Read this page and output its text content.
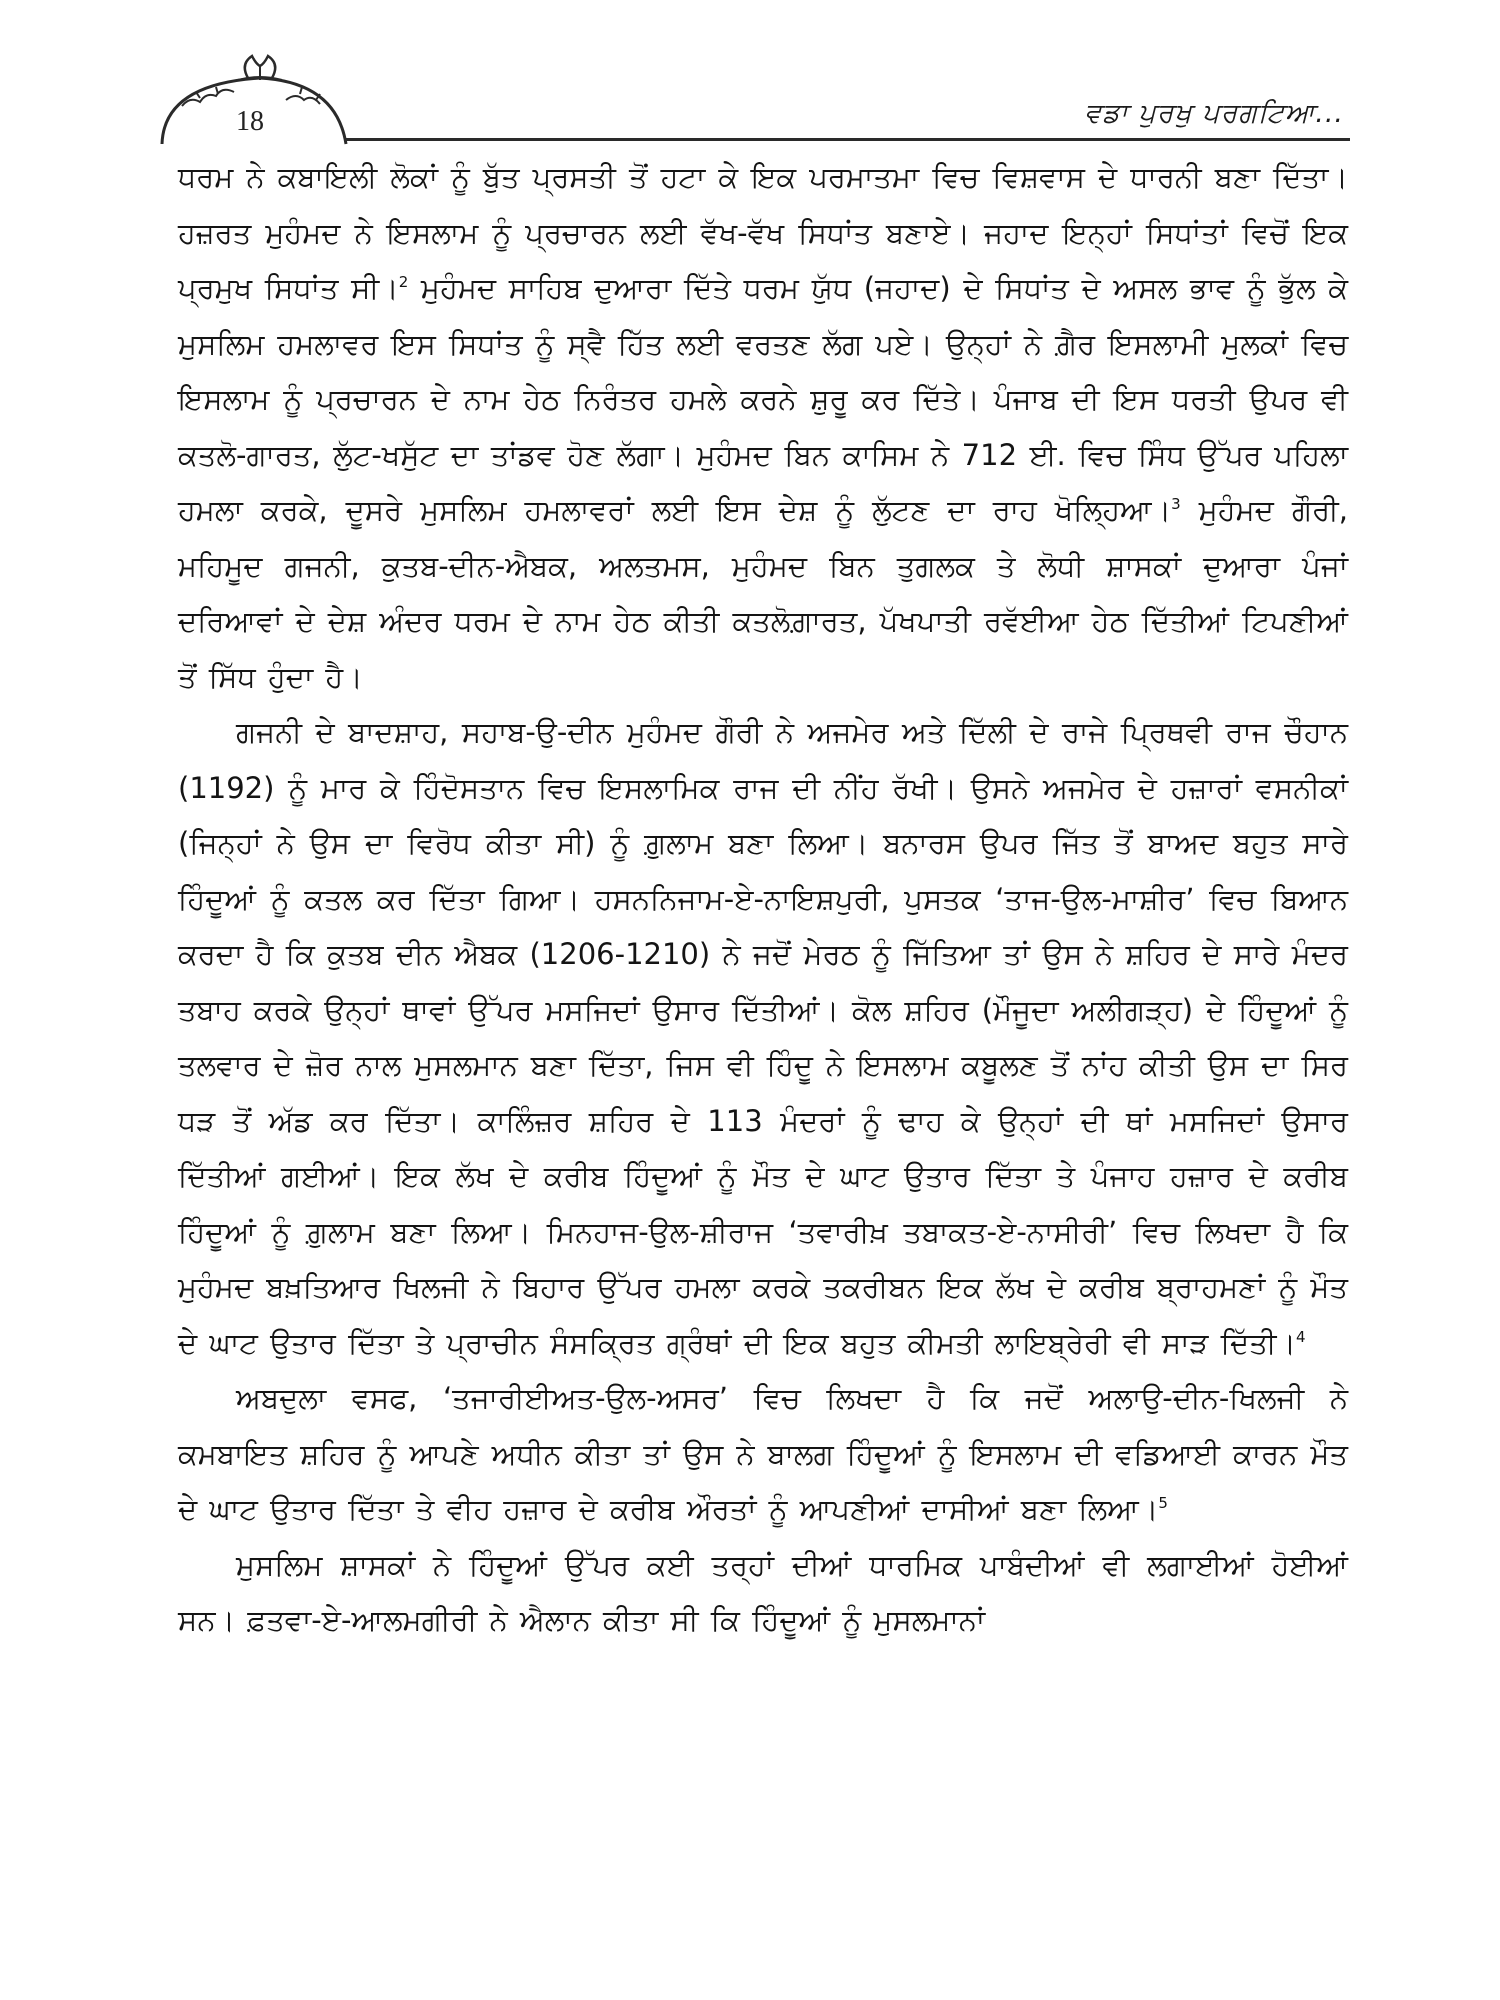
18	ਵਡਾ ਪੁਰਖੁ ਪਰਗਟਿਆ...

ਧਰਮ ਨੇ ਕਬਾਇਲੀ ਲੋਕਾਂ ਨੂੰ ਬੁੱਤ ਪ੍ਰਸਤੀ ਤੋਂ ਹਟਾ ਕੇ ਇਕ ਪਰਮਾਤਮਾ ਵਿਚ ਵਿਸ਼ਵਾਸ ਦੇ ਧਾਰਨੀ ਬਣਾ ਦਿੱਤਾ। ਹਜ਼ਰਤ ਮੁਹੰਮਦ ਨੇ ਇਸਲਾਮ ਨੂੰ ਪ੍ਰਚਾਰਨ ਲਈ ਵੱਖ-ਵੱਖ ਸਿਧਾਂਤ ਬਣਾਏ। ਜਹਾਦ ਇਨ੍ਹਾਂ ਸਿਧਾਂਤਾਂ ਵਿਚੋਂ ਇਕ ਪ੍ਰਮੁਖ ਸਿਧਾਂਤ ਸੀ।$^2$ ਮੁਹੰਮਦ ਸਾਹਿਬ ਦੁਆਰਾ ਦਿੱਤੇ ਧਰਮ ਯੁੱਧ (ਜਹਾਦ) ਦੇ ਸਿਧਾਂਤ ਦੇ ਅਸਲ ਭਾਵ ਨੂੰ ਭੁੱਲ ਕੇ ਮੁਸਲਿਮ ਹਮਲਾਵਰ ਇਸ ਸਿਧਾਂਤ ਨੂੰ ਸ੍ਵੈ ਹਿੱਤ ਲਈ ਵਰਤਣ ਲੱਗ ਪਏ। ਉਨ੍ਹਾਂ ਨੇ ਗ਼ੈਰ ਇਸਲਾਮੀ ਮੁਲਕਾਂ ਵਿਚ ਇਸਲਾਮ ਨੂੰ ਪ੍ਰਚਾਰਨ ਦੇ ਨਾਮ ਹੇਠ ਨਿਰੰਤਰ ਹਮਲੇ ਕਰਨੇ ਸ਼ੁਰੂ ਕਰ ਦਿੱਤੇ। ਪੰਜਾਬ ਦੀ ਇਸ ਧਰਤੀ ਉਪਰ ਵੀ ਕਤਲੋ-ਗਾਰਤ, ਲੁੱਟ-ਖਸੁੱਟ ਦਾ ਤਾਂਡਵ ਹੋਣ ਲੱਗਾ। ਮੁਹੰਮਦ ਬਿਨ ਕਾਸਿਮ ਨੇ 712 ਈ. ਵਿਚ ਸਿੰਧ ਉੱਪਰ ਪਹਿਲਾ ਹਮਲਾ ਕਰਕੇ, ਦੂਸਰੇ ਮੁਸਲਿਮ ਹਮਲਾਵਰਾਂ ਲਈ ਇਸ ਦੇਸ਼ ਨੂੰ ਲੁੱਟਣ ਦਾ ਰਾਹ ਖੋਲ੍ਹਿਆ।$^3$ ਮੁਹੰਮਦ ਗੌਰੀ, ਮਹਿਮੂਦ ਗਜਨੀ, ਕੁਤਬ-ਦੀਨ-ਐਬਕ, ਅਲਤਮਸ, ਮੁਹੰਮਦ ਬਿਨ ਤੁਗਲਕ ਤੇ ਲੋਧੀ ਸ਼ਾਸਕਾਂ ਦੁਆਰਾ ਪੰਜਾਂ ਦਰਿਆਵਾਂ ਦੇ ਦੇਸ਼ ਅੰਦਰ ਧਰਮ ਦੇ ਨਾਮ ਹੇਠ ਕੀਤੀ ਕਤਲੋਗ਼ਾਰਤ, ਪੱਖਪਾਤੀ ਰਵੱਈਆ ਹੇਠ ਦਿੱਤੀਆਂ ਟਿਪਣੀਆਂ ਤੋਂ ਸਿੱਧ ਹੁੰਦਾ ਹੈ।

ਗਜਨੀ ਦੇ ਬਾਦਸ਼ਾਹ, ਸਹਾਬ-ਉ-ਦੀਨ ਮੁਹੰਮਦ ਗੌਰੀ ਨੇ ਅਜਮੇਰ ਅਤੇ ਦਿੱਲੀ ਦੇ ਰਾਜੇ ਪ੍ਰਿਥਵੀ ਰਾਜ ਚੌਹਾਨ (1192) ਨੂੰ ਮਾਰ ਕੇ ਹਿੰਦੋਸਤਾਨ ਵਿਚ ਇਸਲਾਮਿਕ ਰਾਜ ਦੀ ਨੀਂਹ ਰੱਖੀ। ਉਸਨੇ ਅਜਮੇਰ ਦੇ ਹਜ਼ਾਰਾਂ ਵਸਨੀਕਾਂ (ਜਿਨ੍ਹਾਂ ਨੇ ਉਸ ਦਾ ਵਿਰੋਧ ਕੀਤਾ ਸੀ) ਨੂੰ ਗ਼ੁਲਾਮ ਬਣਾ ਲਿਆ। ਬਨਾਰਸ ਉਪਰ ਜਿੱਤ ਤੋਂ ਬਾਅਦ ਬਹੁਤ ਸਾਰੇ ਹਿੰਦੂਆਂ ਨੂੰ ਕਤਲ ਕਰ ਦਿੱਤਾ ਗਿਆ। ਹਸਨਨਿਜਾਮ-ਏ-ਨਾਇਸ਼ਪੁਰੀ, ਪੁਸਤਕ ‘ਤਾਜ-ਉਲ-ਮਾਸ਼ੀਰ’ ਵਿਚ ਬਿਆਨ ਕਰਦਾ ਹੈ ਕਿ ਕੁਤਬ ਦੀਨ ਐਬਕ (1206-1210) ਨੇ ਜਦੋਂ ਮੇਰਠ ਨੂੰ ਜਿੱਤਿਆ ਤਾਂ ਉਸ ਨੇ ਸ਼ਹਿਰ ਦੇ ਸਾਰੇ ਮੰਦਰ ਤਬਾਹ ਕਰਕੇ ਉਨ੍ਹਾਂ ਥਾਵਾਂ ਉੱਪਰ ਮਸਜਿਦਾਂ ਉਸਾਰ ਦਿੱਤੀਆਂ। ਕੋਲ ਸ਼ਹਿਰ (ਮੌਜੂਦਾ ਅਲੀਗੜ੍ਹ) ਦੇ ਹਿੰਦੂਆਂ ਨੂੰ ਤਲਵਾਰ ਦੇ ਜ਼ੋਰ ਨਾਲ ਮੁਸਲਮਾਨ ਬਣਾ ਦਿੱਤਾ, ਜਿਸ ਵੀ ਹਿੰਦੂ ਨੇ ਇਸਲਾਮ ਕਬੂਲਣ ਤੋਂ ਨਾਂਹ ਕੀਤੀ ਉਸ ਦਾ ਸਿਰ ਧੜ ਤੋਂ ਅੱਡ ਕਰ ਦਿੱਤਾ। ਕਾਲਿੰਜ਼ਰ ਸ਼ਹਿਰ ਦੇ 113 ਮੰਦਰਾਂ ਨੂੰ ਢਾਹ ਕੇ ਉਨ੍ਹਾਂ ਦੀ ਥਾਂ ਮਸਜਿਦਾਂ ਉਸਾਰ ਦਿੱਤੀਆਂ ਗਈਆਂ। ਇਕ ਲੱਖ ਦੇ ਕਰੀਬ ਹਿੰਦੂਆਂ ਨੂੰ ਮੌਤ ਦੇ ਘਾਟ ਉਤਾਰ ਦਿੱਤਾ ਤੇ ਪੰਜਾਹ ਹਜ਼ਾਰ ਦੇ ਕਰੀਬ ਹਿੰਦੂਆਂ ਨੂੰ ਗ਼ੁਲਾਮ ਬਣਾ ਲਿਆ। ਮਿਨਹਾਜ-ਉਲ-ਸ਼ੀਰਾਜ ‘ਤਵਾਰੀਖ਼ ਤਬਾਕਤ-ਏ-ਨਾਸੀਰੀ’ ਵਿਚ ਲਿਖਦਾ ਹੈ ਕਿ ਮੁਹੰਮਦ ਬਖ਼ਤਿਆਰ ਖਿਲਜੀ ਨੇ ਬਿਹਾਰ ਉੱਪਰ ਹਮਲਾ ਕਰਕੇ ਤਕਰੀਬਨ ਇਕ ਲੱਖ ਦੇ ਕਰੀਬ ਬ੍ਰਾਹਮਣਾਂ ਨੂੰ ਮੌਤ ਦੇ ਘਾਟ ਉਤਾਰ ਦਿੱਤਾ ਤੇ ਪ੍ਰਾਚੀਨ ਸੰਸਕ੍ਰਿਤ ਗ੍ਰੰਥਾਂ ਦੀ ਇਕ ਬਹੁਤ ਕੀਮਤੀ ਲਾਇਬ੍ਰੇਰੀ ਵੀ ਸਾੜ ਦਿੱਤੀ।$^4$

ਅਬਦੁਲਾ ਵਸਫ, ‘ਤਜਾਰੀਈਅਤ-ਉਲ-ਅਸਰ’ ਵਿਚ ਲਿਖਦਾ ਹੈ ਕਿ ਜਦੋਂ ਅਲਾਉ-ਦੀਨ-ਖਿਲਜੀ ਨੇ ਕਮਬਾਇਤ ਸ਼ਹਿਰ ਨੂੰ ਆਪਣੇ ਅਧੀਨ ਕੀਤਾ ਤਾਂ ਉਸ ਨੇ ਬਾਲਗ ਹਿੰਦੂਆਂ ਨੂੰ ਇਸਲਾਮ ਦੀ ਵਡਿਆਈ ਕਾਰਨ ਮੌਤ ਦੇ ਘਾਟ ਉਤਾਰ ਦਿੱਤਾ ਤੇ ਵੀਹ ਹਜ਼ਾਰ ਦੇ ਕਰੀਬ ਔਰਤਾਂ ਨੂੰ ਆਪਣੀਆਂ ਦਾਸੀਆਂ ਬਣਾ ਲਿਆ।$^5$

ਮੁਸਲਿਮ ਸ਼ਾਸਕਾਂ ਨੇ ਹਿੰਦੂਆਂ ਉੱਪਰ ਕਈ ਤਰ੍ਹਾਂ ਦੀਆਂ ਧਾਰਮਿਕ ਪਾਬੰਦੀਆਂ ਵੀ ਲਗਾਈਆਂ ਹੋਈਆਂ ਸਨ। ਫ਼ਤਵਾ-ਏ-ਆਲਮਗੀਰੀ ਨੇ ਐਲਾਨ ਕੀਤਾ ਸੀ ਕਿ ਹਿੰਦੂਆਂ ਨੂੰ ਮੁਸਲਮਾਨਾਂ
